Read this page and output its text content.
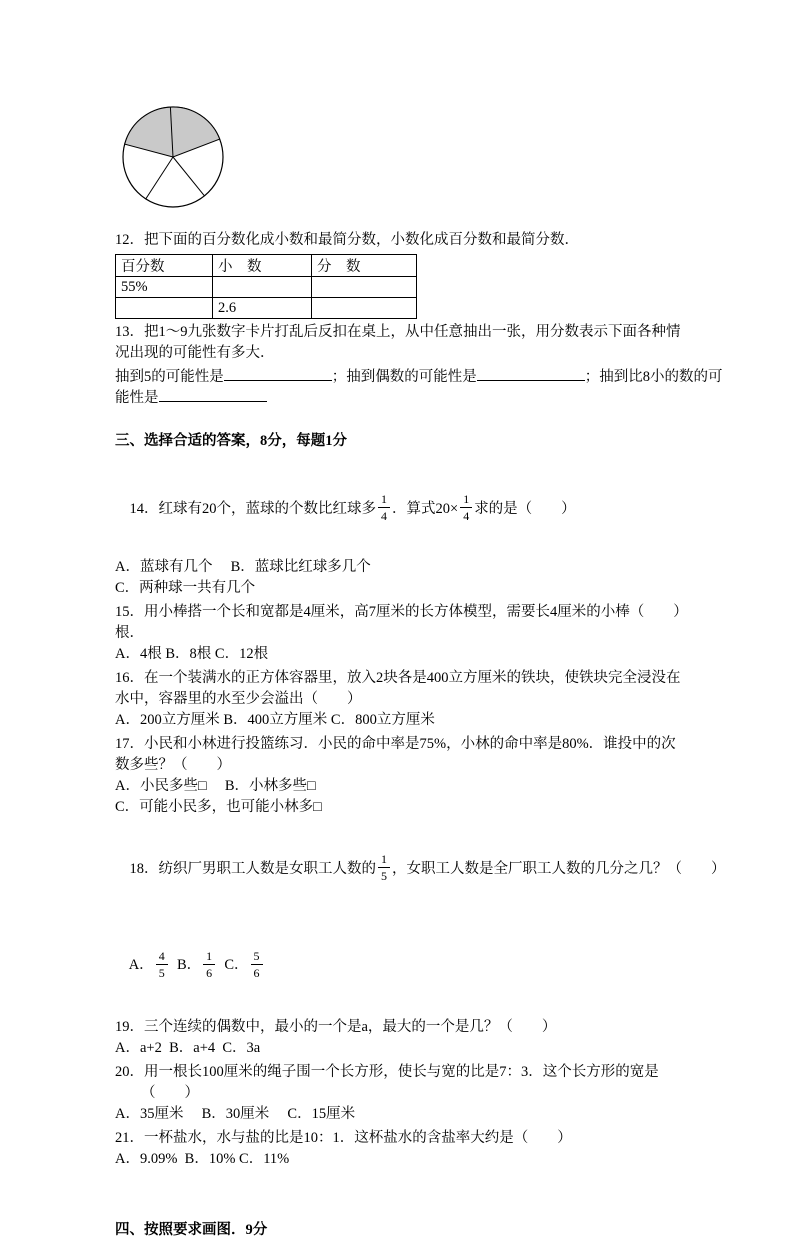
12．把下面的百分数化成小数和最简分数，小数化成百分数和最简分数．

百分数	小　数	分　数
55%		
	2.6	
13．把1～9九张数字卡片打乱后反扣在桌上，从中任意抽出一张，用分数表示下面各种情
况出现的可能性有多大．
抽到5的可能性是	；抽到偶数的可能性是	；抽到比8小的数的可
能性是
三、选择合适的答案，8分，每题1分

14．红球有20个，蓝球的个数比红球多 $\frac{1}{4}$ ．算式$20\times \frac{1}{4}$ 求的是（　　）

A．蓝球有几个　 B．蓝球比红球多几个

C．两种球一共有几个

15．用小棒搭一个长和宽都是4厘米，高7厘米的长方体模型，需要长4厘米的小棒（　　）
根．

A．4根 B．8根 C．12根

16．在一个装满水的正方体容器里，放入2块各是400立方厘米的铁块，使铁块完全浸没在
水中，容器里的水至少会溢出（　　）

A．200立方厘米 B．400立方厘米 C．800立方厘米

17．小民和小林进行投篮练习．小民的命中率是75%，小林的命中率是80%．谁投中的次
数多些？（　　）

A．小民多些□　 B．小林多些□

C．可能小民多，也可能小林多□

18．纺织厂男职工人数是女职工人数的 $\frac{1}{5}$ ，女职工人数是全厂职工人数的几分之几？（　　）

A． $\frac{4}{5}$ B． $\frac{1}{6}$ C． $\frac{5}{6}$

19．三个连续的偶数中，最小的一个是a，最大的一个是几？（　　）

A．a+2  B．a+4  C．3a

20．用一根长100厘米的绳子围一个长方形，使长与宽的比是7：3．这个长方形的宽是
（　　）

A．35厘米　 B．30厘米　 C．15厘米

21．一杯盐水，水与盐的比是10：1．这杯盐水的含盐率大约是（　　）

A．9.09%  B．10% C．11%

四、按照要求画图．9分
